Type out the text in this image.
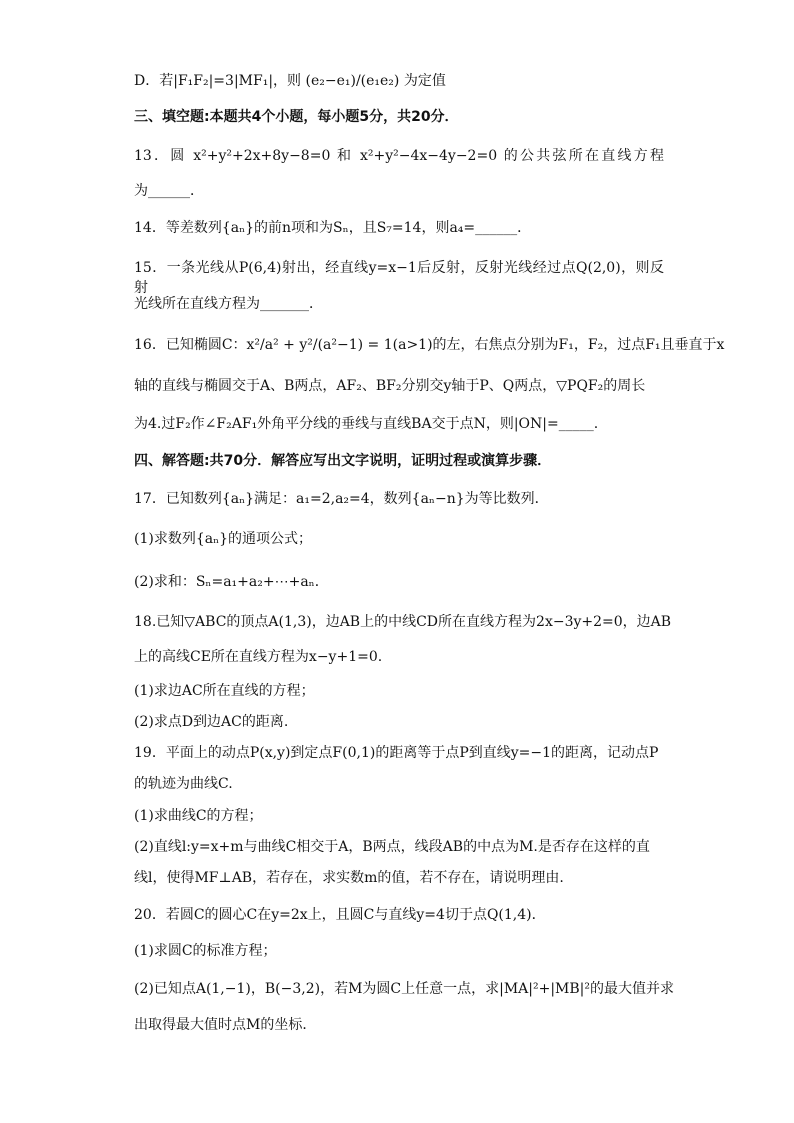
D．若|F₁F₂|=3|MF₁|，则 (e₂−e₁)/(e₁e₂) 为定值
三、填空题:本题共4个小题，每小题5分，共20分．
13．圆 x²+y²+2x+8y−8=0 和 x²+y²−4x−4y−2=0 的公共弦所在直线方程
为______．
14．等差数列{aₙ}的前n项和为Sₙ，且S₇=14，则a₄=______．
15．一条光线从P(6,4)射出，经直线y=x−1后反射，反射光线经过点Q(2,0)，则反射
光线所在直线方程为_______．
16．已知椭圆C：x²/a² + y²/(a²−1) = 1(a>1)的左，右焦点分别为F₁，F₂，过点F₁且垂直于x
轴的直线与椭圆交于A、B两点，AF₂、BF₂分别交y轴于P、Q两点，▽PQF₂的周长
为4.过F₂作∠F₂AF₁外角平分线的垂线与直线BA交于点N，则|ON|=_____.
四、解答题:共70分．解答应写出文字说明，证明过程或演算步骤．
17．已知数列{aₙ}满足：a₁=2,a₂=4，数列{aₙ−n}为等比数列．
(1)求数列{aₙ}的通项公式；
(2)求和：Sₙ=a₁+a₂+⋯+aₙ．
18.已知▽ABC的顶点A(1,3)，边AB上的中线CD所在直线方程为2x−3y+2=0，边AB
上的高线CE所在直线方程为x−y+1=0.
(1)求边AC所在直线的方程；
(2)求点D到边AC的距离.
19．平面上的动点P(x,y)到定点F(0,1)的距离等于点P到直线y=−1的距离，记动点P
的轨迹为曲线C.
(1)求曲线C的方程；
(2)直线l:y=x+m与曲线C相交于A，B两点，线段AB的中点为M.是否存在这样的直
线l，使得MF⊥AB，若存在，求实数m的值，若不存在，请说明理由.
20．若圆C的圆心C在y=2x上，且圆C与直线y=4切于点Q(1,4)．
(1)求圆C的标准方程；
(2)已知点A(1,−1)，B(−3,2)，若M为圆C上任意一点，求|MA|²+|MB|²的最大值并求
出取得最大值时点M的坐标．
